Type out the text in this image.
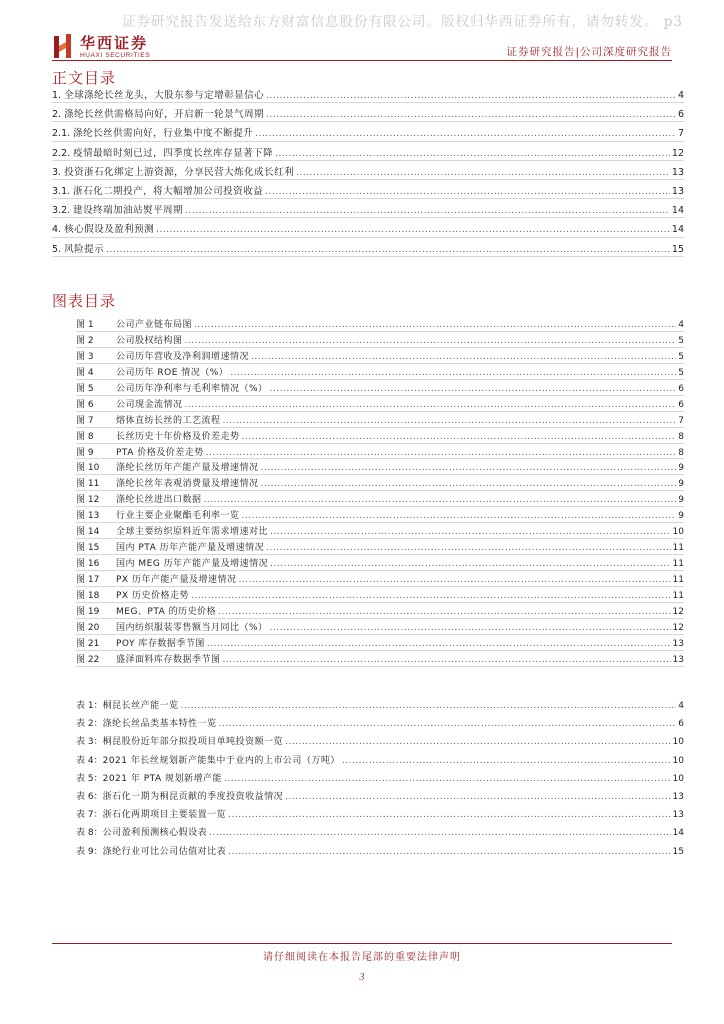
证券研究报告发送给东方财富信息股份有限公司。版权归华西证券所有，请勿转发。 p3
华西证券
HUAXI SECURITIES	证券研究报告|公司深度研究报告
正文目录
1. 全球涤纶长丝龙头，大股东参与定增彰显信心 .....	4
2. 涤纶长丝供需格局向好，开启新一轮景气周期 .....	6
2.1. 涤纶长丝供需向好，行业集中度不断提升 .....	7
2.2. 疫情最暗时刻已过，四季度长丝库存显著下降 .....	12
3. 投资浙石化绑定上游资源，分享民营大炼化成长红利 .....	13
3.1. 浙石化二期投产，将大幅增加公司投资收益 .....	13
3.2. 建设终端加油站熨平周期 .....	14
4. 核心假设及盈利预测 .....	14
5. 风险提示 .....	15
图表目录
图 1	公司产业链布局图 .....	4
图 2	公司股权结构图 .....	5
图 3	公司历年营收及净利润增速情况 .....	5
图 4	公司历年 ROE 情况（%） .....	5
图 5	公司历年净利率与毛利率情况（%） .....	6
图 6	公司现金流情况 .....	6
图 7	熔体直纺长丝的工艺流程 .....	7
图 8	长丝历史十年价格及价差走势 .....	8
图 9	PTA 价格及价差走势 .....	8
图 10	涤纶长丝历年产能产量及增速情况 .....	9
图 11	涤纶长丝年表观消费量及增速情况 .....	9
图 12	涤纶长丝进出口数据 .....	9
图 13	行业主要企业聚酯毛利率一览 .....	9
图 14	全球主要纺织原料近年需求增速对比 .....	10
图 15	国内 PTA 历年产能产量及增速情况 .....	11
图 16	国内 MEG 历年产能产量及增速情况 .....	11
图 17	PX 历年产能产量及增速情况 .....	11
图 18	PX 历史价格走势 .....	11
图 19	MEG、PTA 的历史价格 .....	12
图 20	国内纺织服装零售额当月同比（%） .....	12
图 21	POY 库存数据季节图 .....	13
图 22	盛泽面料库存数据季节图 .....	13
表 1： 桐昆长丝产能一览 .....	4
表 2： 涤纶长丝品类基本特性一览 .....	6
表 3： 桐昆股份近年部分拟投项目单吨投资额一览 .....	10
表 4： 2021 年长丝规划新产能集中于业内的上市公司（万吨） .....	10
表 5： 2021 年 PTA 规划新增产能 .....	10
表 6： 浙石化一期为桐昆贡献的季度投资收益情况 .....	13
表 7： 浙石化两期项目主要装置一览 .....	13
表 8： 公司盈利预测核心假设表 .....	14
表 9： 涤纶行业可比公司估值对比表 .....	15
请仔细阅读在本报告尾部的重要法律声明
3
